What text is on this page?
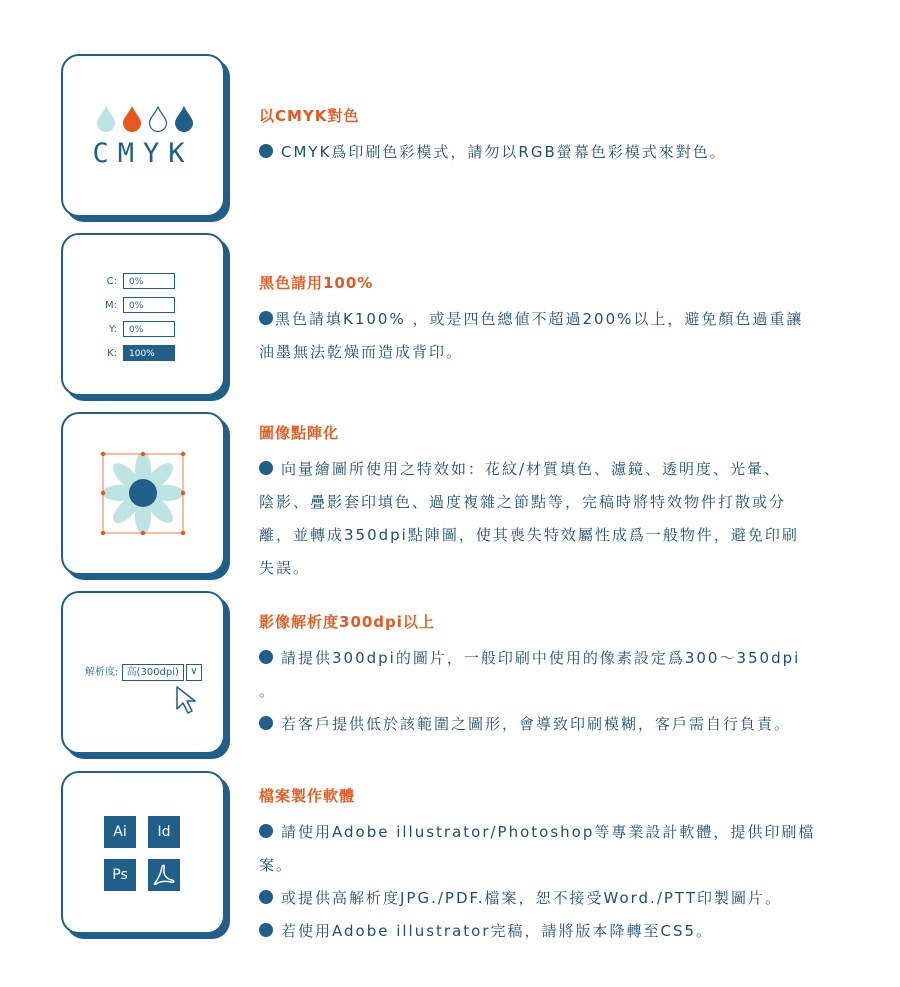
CMYK
C: 0%
M: 0%
Y: 0%
K: 100%
解析度: 高(300dpi) ∨
Ai	Id
Ps
以CMYK對色
CMYK爲印刷色彩模式，請勿以RGB螢幕色彩模式來對色。
黑色請用100%
黑色請填K100% ，或是四色總値不超過200%以上，避免顏色過重讓
油墨無法乾燥而造成背印。
圖像點陣化
向量繪圖所使用之特效如：花紋/材質填色、濾鏡、透明度、光暈、
陰影、疊影套印填色、過度複雜之節點等，完稿時將特效物件打散或分
離，並轉成350dpi點陣圖，使其喪失特效屬性成爲一般物件，避免印刷
失誤。
影像解析度300dpi以上
請提供300dpi的圖片，一般印刷中使用的像素設定爲300～350dpi
。
若客戶提供低於該範圍之圖形，會導致印刷模糊，客戶需自行負責。
檔案製作軟體
請使用Adobe illustrator/Photoshop等專業設計軟體，提供印刷檔
案。
或提供高解析度JPG./PDF.檔案，恕不接受Word./PTT印製圖片。
若使用Adobe illustrator完稿，請將版本降轉至CS5。
